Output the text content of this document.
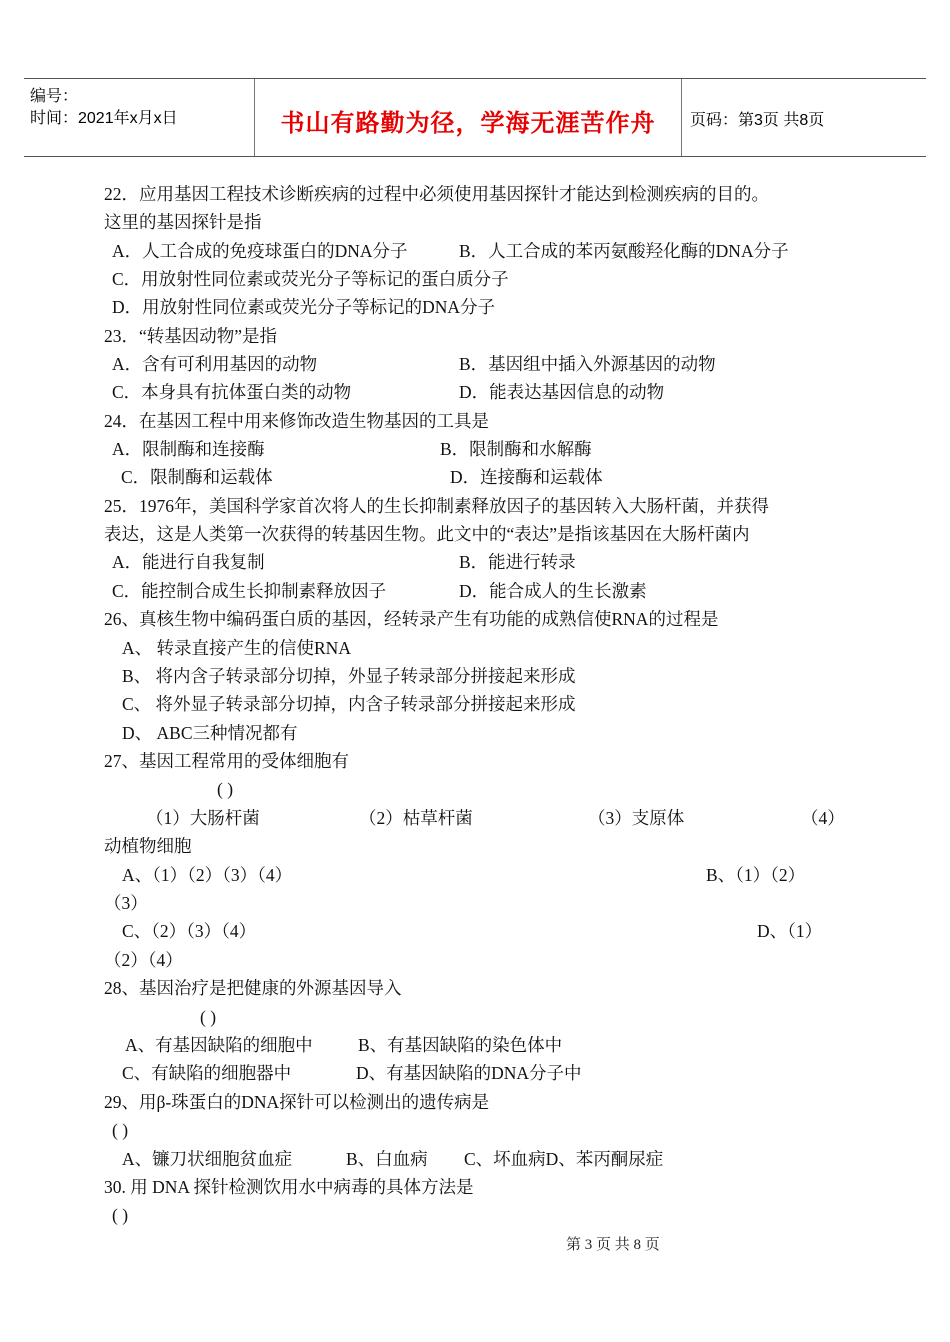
编号：
时间：2021年x月x日	书山有路勤为径，学海无涯苦作舟	页码：第3页 共8页
22．应用基因工程技术诊断疾病的过程中必须使用基因探针才能达到检测疾病的目的。
这里的基因探针是指
A．人工合成的免疫球蛋白的DNA分子	B．人工合成的苯丙氨酸羟化酶的DNA分子
C．用放射性同位素或荧光分子等标记的蛋白质分子
D．用放射性同位素或荧光分子等标记的DNA分子
23．“转基因动物”是指
A．含有可利用基因的动物	B．基因组中插入外源基因的动物
C．本身具有抗体蛋白类的动物	D．能表达基因信息的动物
24．在基因工程中用来修饰改造生物基因的工具是
A．限制酶和连接酶	B．限制酶和水解酶
C．限制酶和运载体	D．连接酶和运载体
25．1976年，美国科学家首次将人的生长抑制素释放因子的基因转入大肠杆菌，并获得
表达，这是人类第一次获得的转基因生物。此文中的“表达”是指该基因在大肠杆菌内
A．能进行自我复制	B．能进行转录
C．能控制合成生长抑制素释放因子	D．能合成人的生长激素
26、真核生物中编码蛋白质的基因，经转录产生有功能的成熟信使RNA的过程是
A、 转录直接产生的信使RNA
B、 将内含子转录部分切掉，外显子转录部分拼接起来形成
C、 将外显子转录部分切掉，内含子转录部分拼接起来形成
D、 ABC三种情况都有
27、基因工程常用的受体细胞有
( )
（1）大肠杆菌	（2）枯草杆菌	（3）支原体	（4）
动植物细胞
A、（1）（2）（3）（4）	B、（1）（2）
（3）
C、（2）（3）（4）	D、（1）
（2）（4）
28、基因治疗是把健康的外源基因导入
( )
A、有基因缺陷的细胞中	B、有基因缺陷的染色体中
C、有缺陷的细胞器中	D、有基因缺陷的DNA分子中
29、用β-珠蛋白的DNA探针可以检测出的遗传病是
( )
A、镰刀状细胞贫血症	B、白血病 C、坏血病D、苯丙酮尿症
30. 用 DNA 探针检测饮用水中病毒的具体方法是
( )
第 3 页 共 8 页
